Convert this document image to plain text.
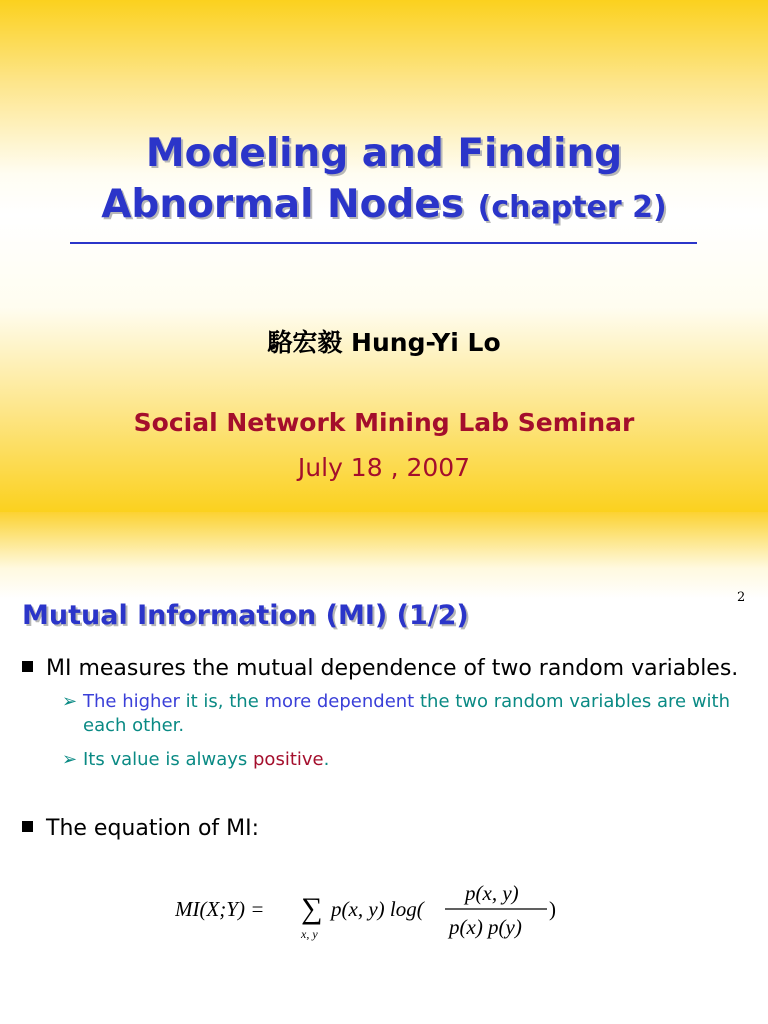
Modeling and Finding
Abnormal Nodes (chapter 2)
駱宏毅 Hung-Yi Lo
Social Network Mining Lab Seminar
July 18 , 2007
2
Mutual Information (MI) (1/2)
MI measures the mutual dependence of two random variables.
➢ The higher it is, the more dependent the two random variables are with
each other.
➢ Its value is always positive.
The equation of MI:
MI(X;Y) = ∑
x, y
p(x, y) log(
p(x, y)
p(x) p(y)
)
